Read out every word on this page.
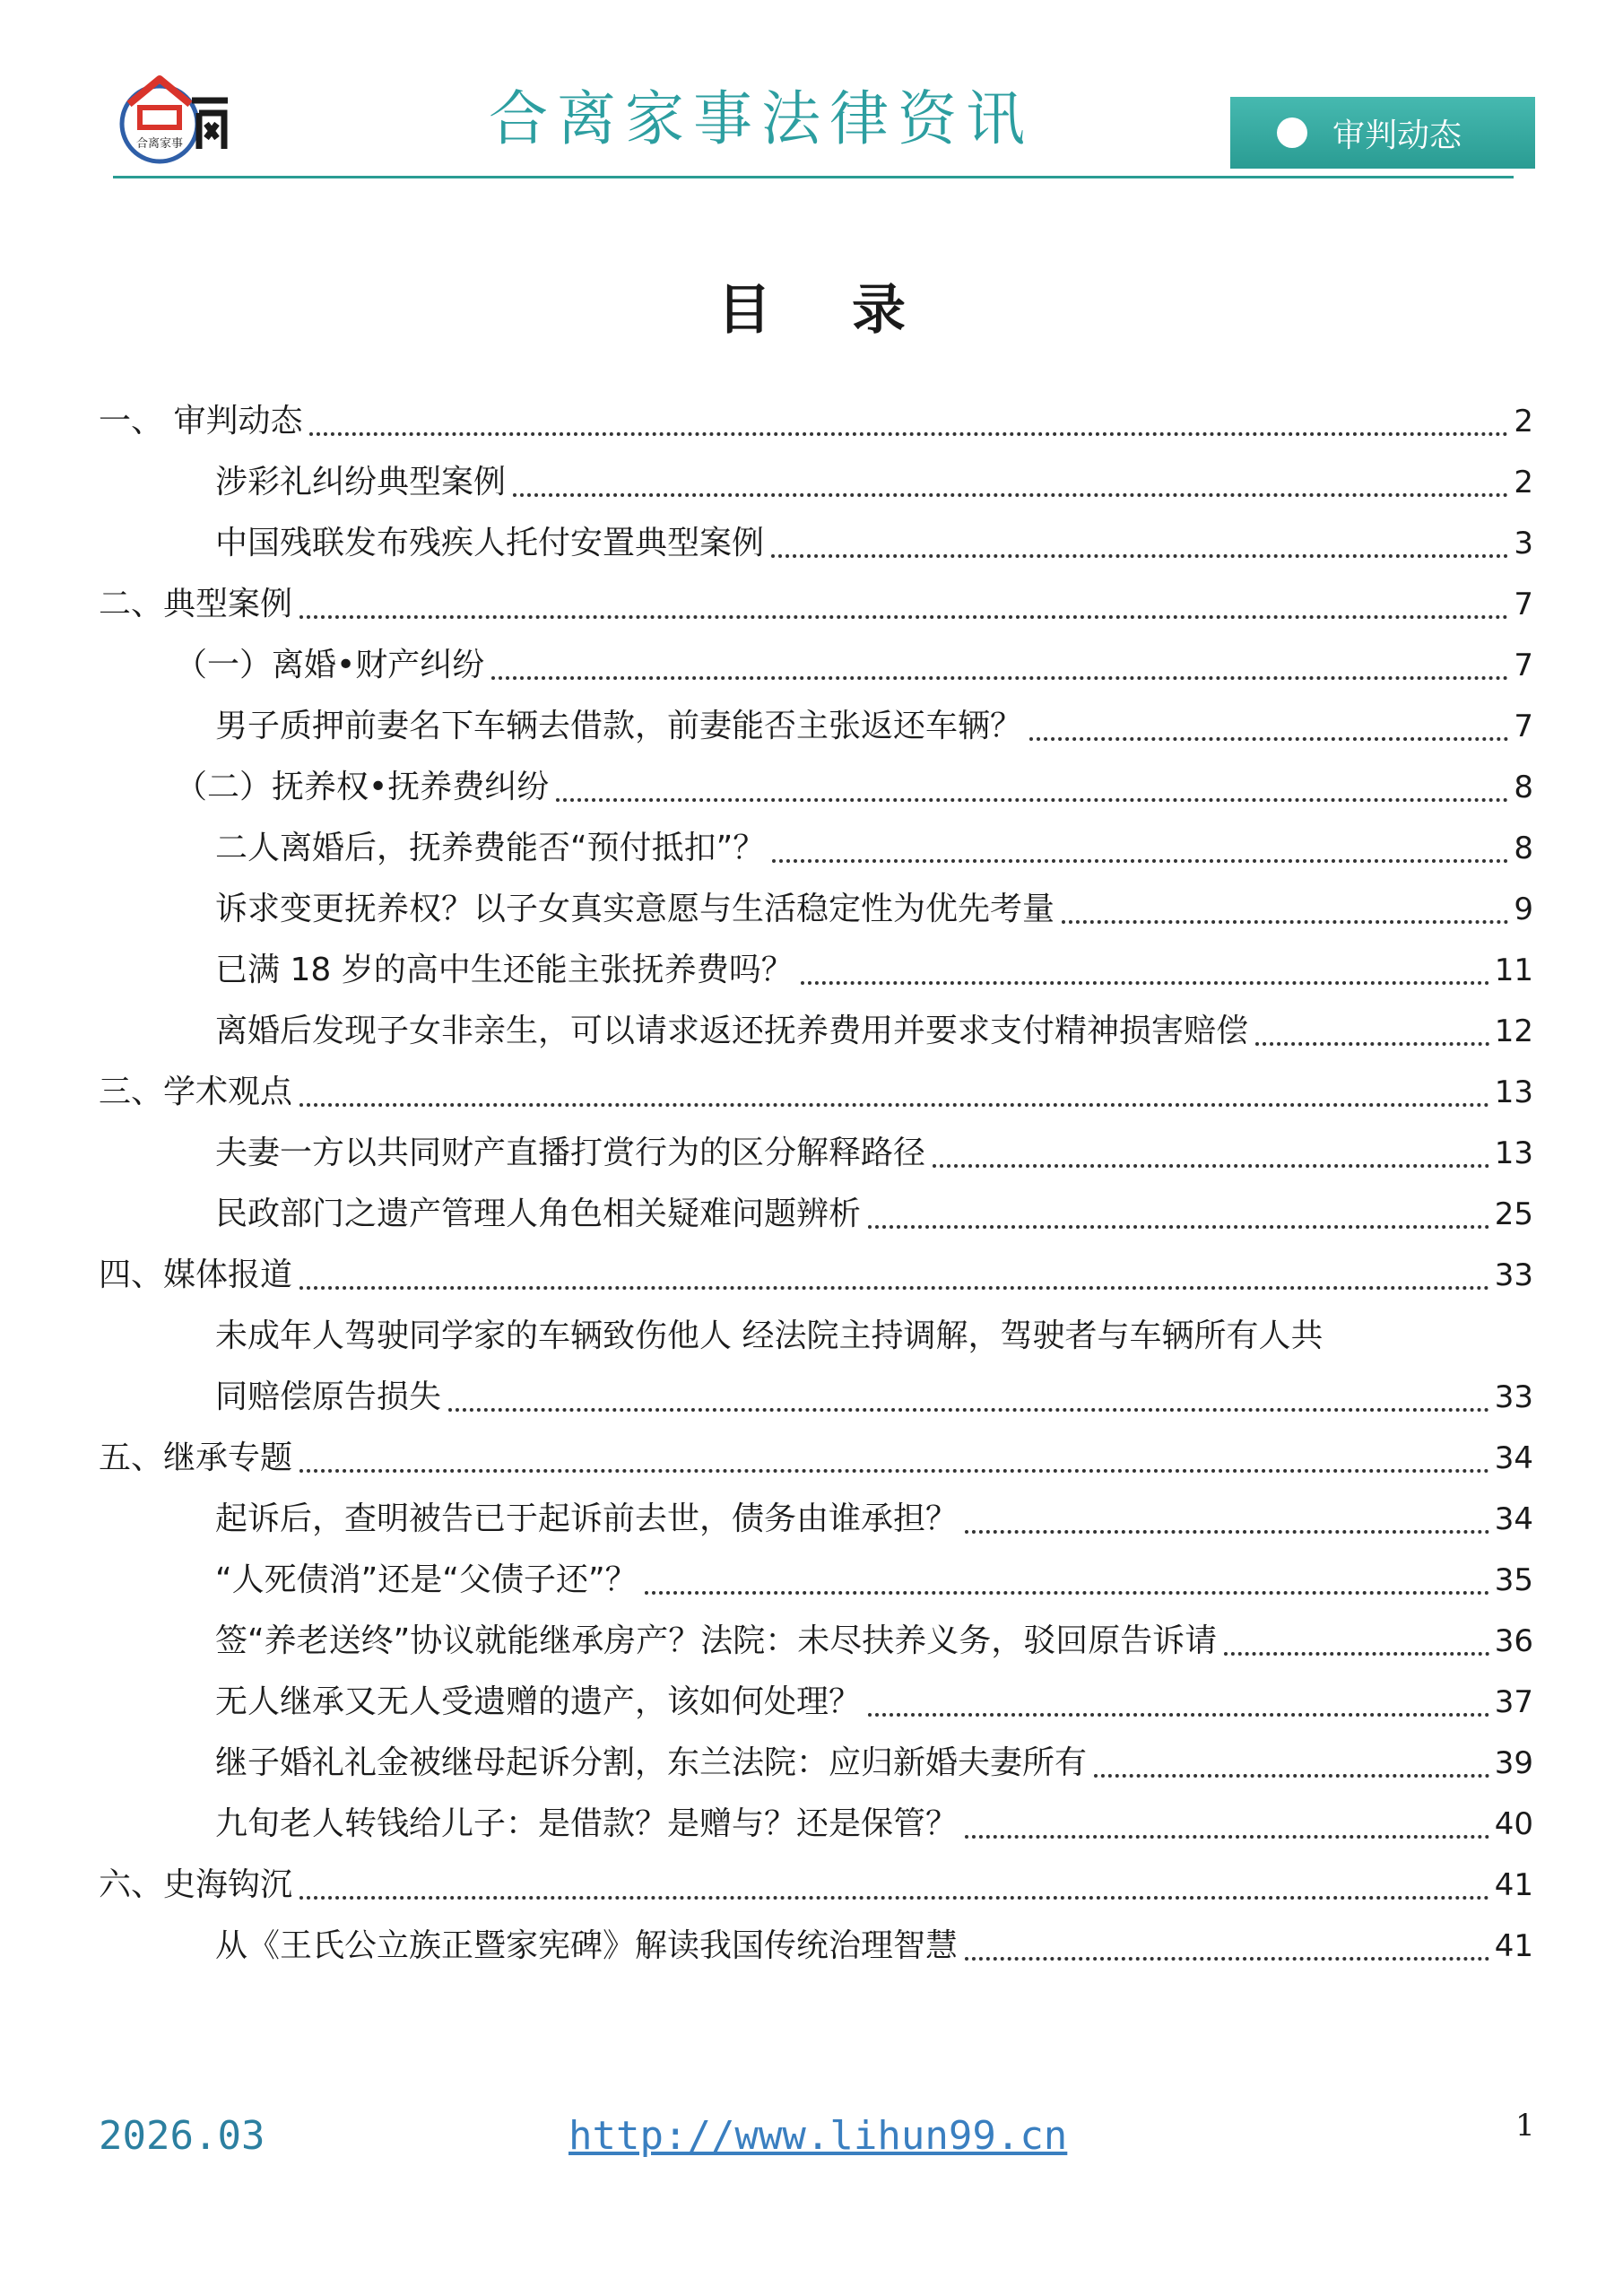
合离家事	合离家事法律资讯	审判动态
目录
一、 审判动态	2
涉彩礼纠纷典型案例	2
中国残联发布残疾人托付安置典型案例	3
二、典型案例	7
（一）离婚•财产纠纷	7
男子质押前妻名下车辆去借款，前妻能否主张返还车辆？	7
（二）抚养权•抚养费纠纷	8
二人离婚后，抚养费能否“预付抵扣”？	8
诉求变更抚养权？以子女真实意愿与生活稳定性为优先考量	9
已满 18 岁的高中生还能主张抚养费吗？	11
离婚后发现子女非亲生，可以请求返还抚养费用并要求支付精神损害赔偿	12
三、学术观点	13
夫妻一方以共同财产直播打赏行为的区分解释路径	13
民政部门之遗产管理人角色相关疑难问题辨析	25
四、媒体报道	33
未成年人驾驶同学家的车辆致伤他人 经法院主持调解，驾驶者与车辆所有人共
同赔偿原告损失	33
五、继承专题	34
起诉后，查明被告已于起诉前去世，债务由谁承担？	34
“人死债消”还是“父债子还”？	35
签“养老送终”协议就能继承房产？法院：未尽扶养义务，驳回原告诉请	36
无人继承又无人受遗赠的遗产，该如何处理？	37
继子婚礼礼金被继母起诉分割，东兰法院：应归新婚夫妻所有	39
九旬老人转钱给儿子：是借款？是赠与？还是保管？	40
六、史海钩沉	41
从《王氏公立族正暨家宪碑》解读我国传统治理智慧	41
2026.03	http://www.lihun99.cn	1
